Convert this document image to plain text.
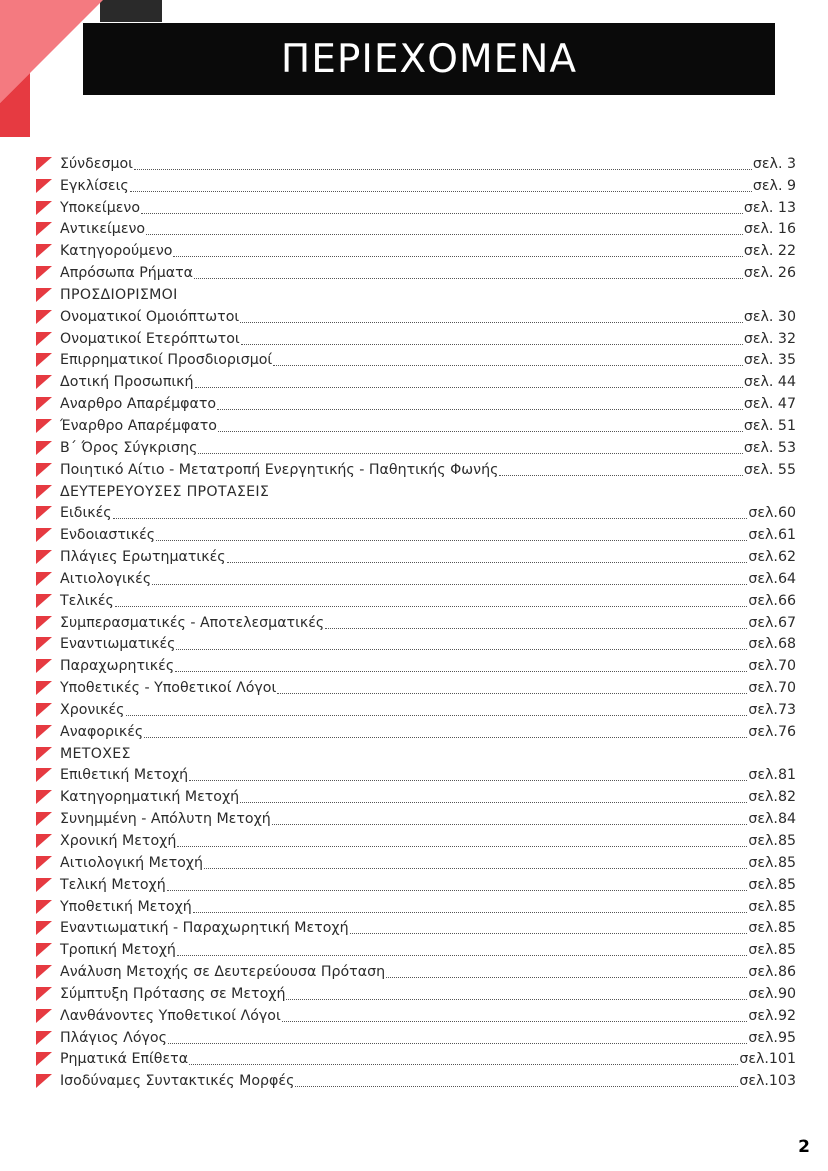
ΠΕΡΙΕΧΟΜΕΝΑ
Σύνδεσμοι	σελ. 3
Εγκλίσεις	σελ. 9
Υποκείμενο	σελ. 13
Αντικείμενο	σελ. 16
Κατηγορούμενο	σελ. 22
Απρόσωπα Ρήματα	σελ. 26
ΠΡΟΣΔΙΟΡΙΣΜΟΙ
Ονοματικοί Ομοιόπτωτοι	σελ. 30
Ονοματικοί Ετερόπτωτοι	σελ. 32
Επιρρηματικοί Προσδιορισμοί	σελ. 35
Δοτική Προσωπική	σελ. 44
Αναρθρο Απαρέμφατο	σελ. 47
Έναρθρο Απαρέμφατο	σελ. 51
Β΄ Όρος Σύγκρισης	σελ. 53
Ποιητικό Αίτιο - Μετατροπή Ενεργητικής - Παθητικής Φωνής	σελ. 55
ΔΕΥΤΕΡΕΥΟΥΣΕΣ ΠΡΟΤΑΣΕΙΣ
Ειδικές	σελ.60
Ενδοιαστικές	σελ.61
Πλάγιες Ερωτηματικές	σελ.62
Αιτιολογικές	σελ.64
Τελικές	σελ.66
Συμπερασματικές - Αποτελεσματικές	σελ.67
Εναντιωματικές	σελ.68
Παραχωρητικές	σελ.70
Υποθετικές - Υποθετικοί Λόγοι	σελ.70
Χρονικές	σελ.73
Αναφορικές	σελ.76
ΜΕΤΟΧΕΣ
Επιθετική Μετοχή	σελ.81
Κατηγορηματική Μετοχή	σελ.82
Συνημμένη - Απόλυτη Μετοχή	σελ.84
Χρονική Μετοχή	σελ.85
Αιτιολογική Μετοχή	σελ.85
Τελική Μετοχή	σελ.85
Υποθετική Μετοχή	σελ.85
Εναντιωματική - Παραχωρητική Μετοχή	σελ.85
Τροπική Μετοχή	σελ.85
Ανάλυση Μετοχής σε Δευτερεύουσα Πρόταση	σελ.86
Σύμπτυξη Πρότασης σε Μετοχή	σελ.90
Λανθάνοντες Υποθετικοί Λόγοι	σελ.92
Πλάγιος Λόγος	σελ.95
Ρηματικά Επίθετα	σελ.101
Ισοδύναμες Συντακτικές Μορφές	σελ.103
2
